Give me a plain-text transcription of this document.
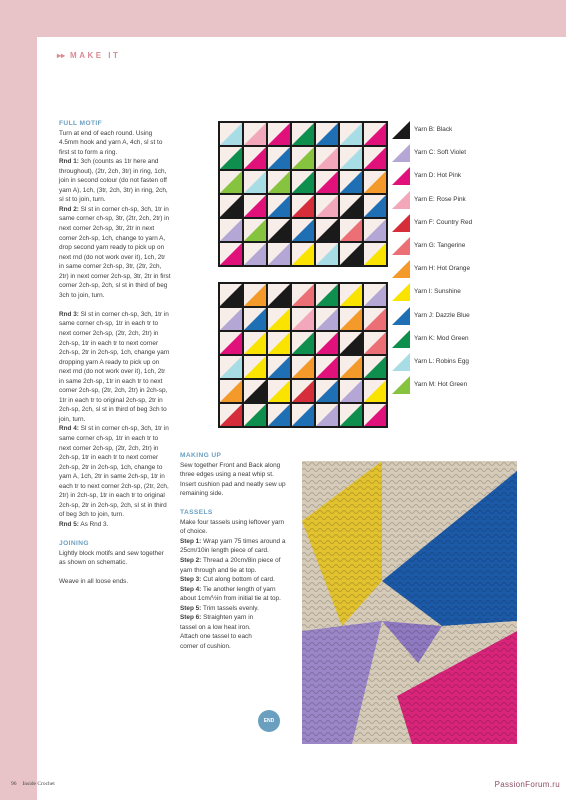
▸▸ MAKE IT

FULL MOTIF

Turn at end of each round. Using 4.5mm hook and yarn A, 4ch, sl st to first st to form a ring.

Rnd 1: 3ch (counts as 1tr here and throughout), (2tr, 2ch, 3tr) in ring, 1ch, join in second colour (do not fasten off yarn A), 1ch, (3tr, 2ch, 3tr) in ring, 2ch, sl st to join, turn.

Rnd 2: Sl st in corner ch-sp, 3ch, 1tr in same corner ch-sp, 3tr, (2tr, 2ch, 2tr) in next corner 2ch-sp, 3tr, 2tr in next corner 2ch-sp, 1ch, change to yarn A, drop second yarn ready to pick up on next rnd (do not work over it), 1ch, 2tr in same corner 2ch-sp, 3tr, (2tr, 2ch, 2tr) in next corner 2ch-sp, 3tr, 2tr in first corner 2ch-sp, 2ch, sl st in third of beg 3ch to join, turn.

Rnd 3: Sl st in corner ch-sp, 3ch, 1tr in same corner ch-sp, 1tr in each tr to next corner 2ch-sp, (2tr, 2ch, 2tr) in 2ch-sp, 1tr in each tr to next corner 2ch-sp, 2tr in 2ch-sp, 1ch, change yarn dropping yarn A ready to pick up on next rnd (do not work over it), 1ch, 2tr in same 2ch-sp, 1tr in each tr to next corner 2ch-sp, (2tr, 2ch, 2tr) in 2ch-sp, 1tr in each tr to original 2ch-sp, 2tr in 2ch-sp, 2ch, sl st in third of beg 3ch to join, turn.

Rnd 4: Sl st in corner ch-sp, 3ch, 1tr in same corner ch-sp, 1tr in each tr to next corner 2ch-sp, (2tr, 2ch, 2tr) in 2ch-sp, 1tr in each tr to next corner 2ch-sp, 2tr in 2ch-sp, 1ch, change to yarn A, 1ch, 2tr in same 2ch-sp, 1tr in each tr to next corner 2ch-sp, (2tr, 2ch, 2tr) in 2ch-sp, 1tr in each tr to original 2ch-sp, 2tr in 2ch-sp, 2ch, sl st in third of beg 3ch to join, turn.

Rnd 5: As Rnd 3.

JOINING

Lightly block motifs and sew together as shown on schematic.

Weave in all loose ends.

MAKING UP

Sew together Front and Back along three edges using a neat whip st.

Insert cushion pad and neatly sew up remaining side.

TASSELS

Make four tassels using leftover yarn of choice.

Step 1: Wrap yarn 75 times around a 25cm/10in length piece of card.

Step 2: Thread a 20cm/8in piece of yarn through and tie at top.

Step 3: Cut along bottom of card.

Step 4: Tie another length of yarn about 1cm/½in from initial tie at top.

Step 5: Trim tassels evenly.

Step 6: Straighten yarn in tassel on a low heat iron. Attach one tassel to each corner of cushion.

END
Yarn B: Black
Yarn C: Soft Violet
Yarn D: Hot Pink
Yarn E: Rose Pink
Yarn F: Country Red
Yarn G: Tangerine
Yarn H: Hot Orange
Yarn I: Sunshine
Yarn J: Dazzle Blue
Yarn K: Mod Green
Yarn L: Robins Egg
Yarn M: Hot Green
96 Inside Crochet	PassionForum.ru
